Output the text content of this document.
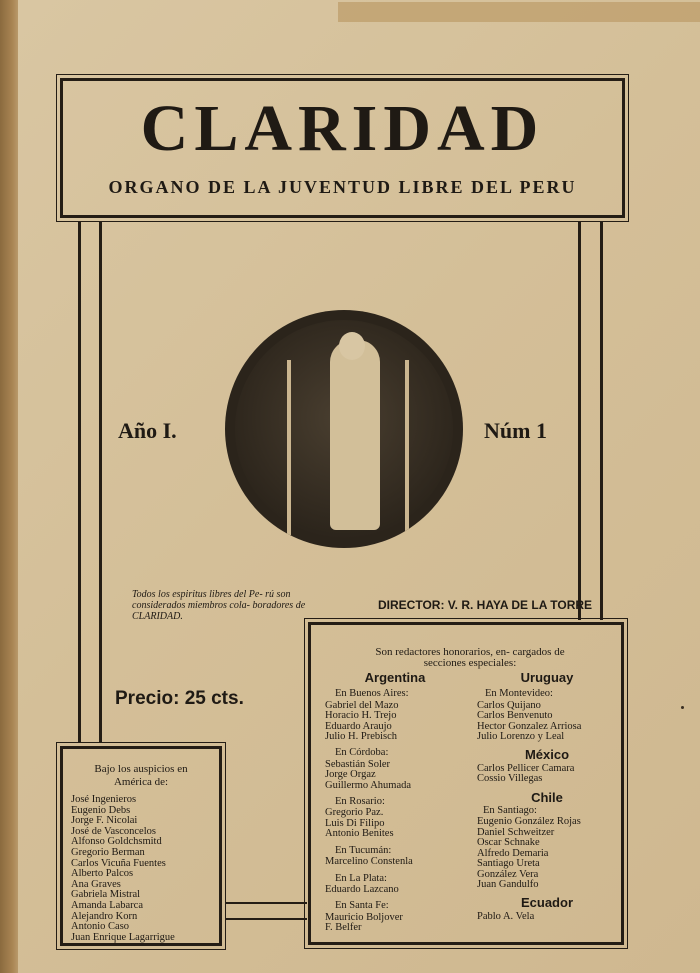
CLARIDAD
ORGANO DE LA JUVENTUD LIBRE DEL PERU
Año I.	Núm 1
Todos los espiritus libres del Pe- rú son considerados miembros cola- boradores de CLARIDAD.
DIRECTOR: V. R. HAYA DE LA TORRE
Precio: 25 cts.
Bajo los auspicios en América de:
José Ingenieros
Eugenio Debs
Jorge F. Nicolai
José de Vasconcelos
Alfonso Goldchsmitd
Gregorio Berman
Carlos Vicuña Fuentes
Alberto Palcos
Ana Graves
Gabriela Mistral
Amanda Labarca
Alejandro Korn
Antonio Caso
Juan Enrique Lagarrigue
Son redactores honorarios, en- cargados de secciones especiales:
Argentina
En Buenos Aires:
Gabriel del Mazo
Horacio H. Trejo
Eduardo Araujo
Julio H. Prebisch
En Córdoba:
Sebastián Soler
Jorge Orgaz
Guillermo Ahumada
En Rosario:
Gregorio Paz.
Luis Di Filipo
Antonio Benites
En Tucumán:
Marcelino Constenla
En La Plata:
Eduardo Lazcano
En Santa Fe:
Mauricio Boljover
F. Belfer
Uruguay
En Montevideo:
Carlos Quijano
Carlos Benvenuto
Hector Gonzalez Arriosa
Julio Lorenzo y Leal
México
Carlos Pellicer Camara
Cossio Villegas
Chile
En Santiago:
Eugenio González Rojas
Daniel Schweitzer
Oscar Schnake
Alfredo Demaria
Santiago Ureta
González Vera
Juan Gandulfo
Ecuador
Pablo A. Vela
